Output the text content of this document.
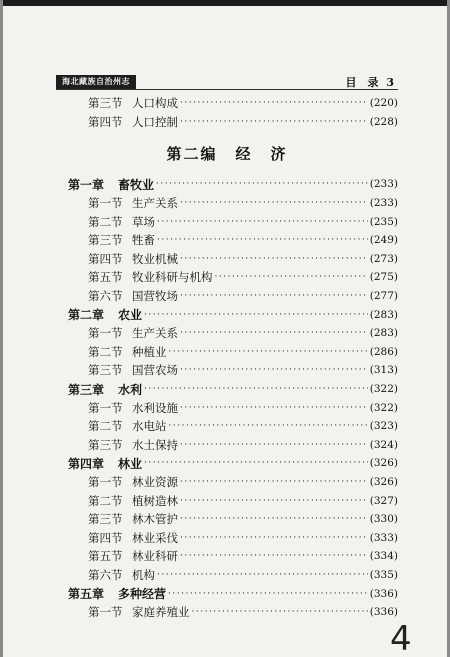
海北藏族自治州志	目　录 3
第三节 人口构成 ·····	(220)
第四节 人口控制 ·····	(228)
第二编 经 济
第一章	畜牧业 ·····	(233)
第一节 生产关系 ·····	(233)
第二节 草场 ·····	(235)
第三节 牲畜 ·····	(249)
第四节 牧业机械 ·····	(273)
第五节 牧业科研与机构 ·····	(275)
第六节 国营牧场 ·····	(277)
第二章	农业 ·····	(283)
第一节 生产关系 ·····	(283)
第二节 种植业 ·····	(286)
第三节 国营农场 ·····	(313)
第三章	水利 ·····	(322)
第一节 水利设施 ·····	(322)
第二节 水电站 ·····	(323)
第三节 水土保持 ·····	(324)
第四章	林业 ·····	(326)
第一节 林业资源 ·····	(326)
第二节 植树造林 ·····	(327)
第三节 林木管护 ·····	(330)
第四节 林业采伐 ·····	(333)
第五节 林业科研 ·····	(334)
第六节 机构 ·····	(335)
第五章	多种经营 ·····	(336)
第一节 家庭养殖业 ·····	(336)
4
